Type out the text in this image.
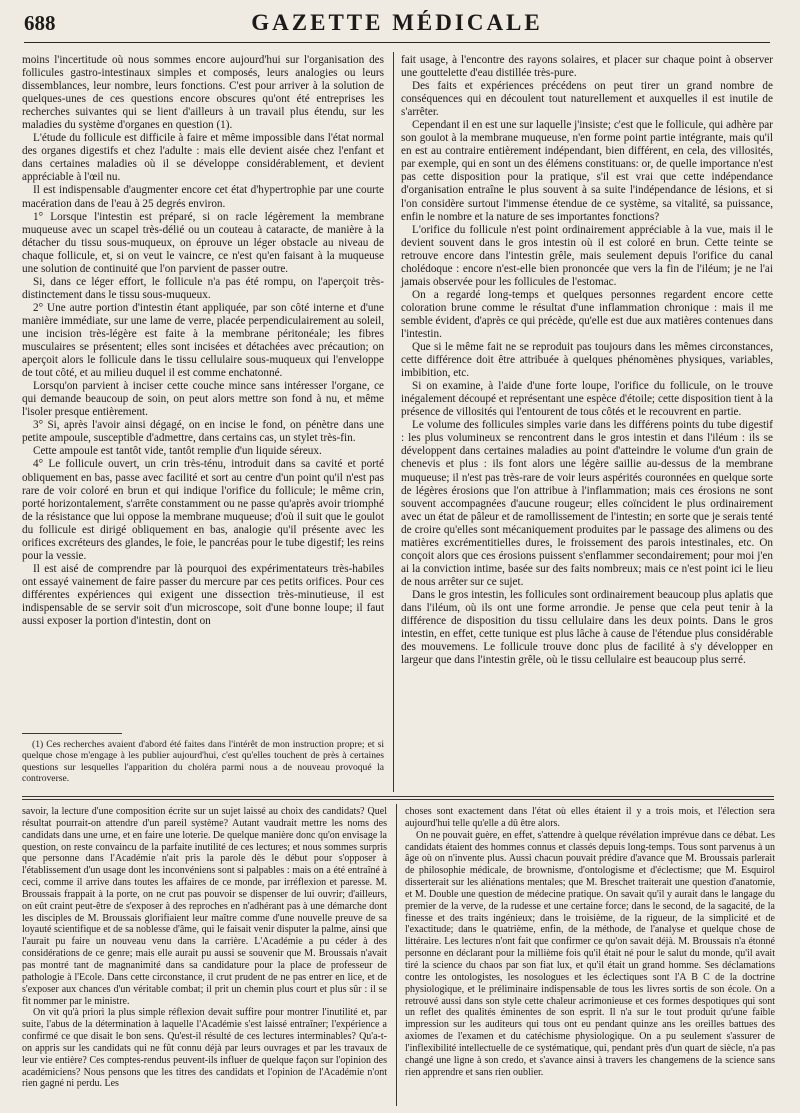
688	GAZETTE MÉDICALE

moins l'incertitude où nous sommes encore aujourd'hui sur l'organisation des follicules gastro-intestinaux simples et composés, leurs analogies ou leurs dissemblances, leur nombre, leurs fonctions. C'est pour arriver à la solution de quelques-unes de ces questions encore obscures qu'ont été entreprises les recherches suivantes qui se lient d'ailleurs à un travail plus étendu, sur les maladies du système d'organes en question (1).

L'étude du follicule est difficile à faire et même impossible dans l'état normal des organes digestifs et chez l'adulte : mais elle devient aisée chez l'enfant et dans certaines maladies où il se développe considérablement, et devient appréciable à l'œil nu.

Il est indispensable d'augmenter encore cet état d'hypertrophie par une courte macération dans de l'eau à 25 degrés environ.

1° Lorsque l'intestin est préparé, si on racle légèrement la membrane muqueuse avec un scapel très-délié ou un couteau à cataracte, de manière à la détacher du tissu sous-muqueux, on éprouve un léger obstacle au niveau de chaque follicule, et, si on veut le vaincre, ce n'est qu'en faisant à la muqueuse une solution de continuité que l'on parvient de passer outre.

Si, dans ce léger effort, le follicule n'a pas été rompu, on l'aperçoit très-distinctement dans le tissu sous-muqueux.

2° Une autre portion d'intestin étant appliquée, par son côté interne et d'une manière immédiate, sur une lame de verre, placée perpendiculairement au soleil, une incision très-légère est faite à la membrane péritonéale; les fibres musculaires se présentent; elles sont incisées et détachées avec précaution; on aperçoit alors le follicule dans le tissu cellulaire sous-muqueux qui l'enveloppe de tout côté, et au milieu duquel il est comme enchatonné.

Lorsqu'on parvient à inciser cette couche mince sans intéresser l'organe, ce qui demande beaucoup de soin, on peut alors mettre son fond à nu, et même l'isoler presque entièrement.

3° Si, après l'avoir ainsi dégagé, on en incise le fond, on pénètre dans une petite ampoule, susceptible d'admettre, dans certains cas, un stylet très-fin.

Cette ampoule est tantôt vide, tantôt remplie d'un liquide séreux.

4° Le follicule ouvert, un crin très-ténu, introduit dans sa cavité et porté obliquement en bas, passe avec facilité et sort au centre d'un point qu'il n'est pas rare de voir coloré en brun et qui indique l'orifice du follicule; le même crin, porté horizontalement, s'arrête constamment ou ne passe qu'après avoir triomphé de la résistance que lui oppose la membrane muqueuse; d'où il suit que le goulot du follicule est dirigé obliquement en bas, analogie qu'il présente avec les orifices excréteurs des glandes, le foie, le pancréas pour le tube digestif; les reins pour la vessie.

Il est aisé de comprendre par là pourquoi des expérimentateurs très-habiles ont essayé vainement de faire passer du mercure par ces petits orifices. Pour ces différentes expériences qui exigent une dissection très-minutieuse, il est indispensable de se servir soit d'un microscope, soit d'une bonne loupe; il faut aussi exposer la portion d'intestin, dont on

(1) Ces recherches avaient d'abord été faites dans l'intérêt de mon instruction propre; et si quelque chose m'engage à les publier aujourd'hui, c'est qu'elles touchent de près à certaines questions sur lesquelles l'apparition du choléra parmi nous a de nouveau provoqué la controverse.

fait usage, à l'encontre des rayons solaires, et placer sur chaque point à observer une gouttelette d'eau distillée très-pure.

Des faits et expériences précédens on peut tirer un grand nombre de conséquences qui en découlent tout naturellement et auxquelles il est inutile de s'arrêter.

Cependant il en est une sur laquelle j'insiste; c'est que le follicule, qui adhère par son goulot à la membrane muqueuse, n'en forme point partie intégrante, mais qu'il en est au contraire entièrement indépendant, bien différent, en cela, des villosités, par exemple, qui en sont un des élémens constituans: or, de quelle importance n'est pas cette disposition pour la pratique, s'il est vrai que cette indépendance d'organisation entraîne le plus souvent à sa suite l'indépendance de lésions, et si l'on considère surtout l'immense étendue de ce système, sa vitalité, sa puissance, enfin le nombre et la nature de ses importantes fonctions?

L'orifice du follicule n'est point ordinairement appréciable à la vue, mais il le devient souvent dans le gros intestin où il est coloré en brun. Cette teinte se retrouve encore dans l'intestin grêle, mais seulement depuis l'orifice du canal cholédoque : encore n'est-elle bien prononcée que vers la fin de l'iléum; je ne l'ai jamais observée pour les follicules de l'estomac.

On a regardé long-temps et quelques personnes regardent encore cette coloration brune comme le résultat d'une inflammation chronique : mais il me semble évident, d'après ce qui précède, qu'elle est due aux matières contenues dans l'intestin.

Que si le même fait ne se reproduit pas toujours dans les mêmes circonstances, cette différence doit être attribuée à quelques phénomènes physiques, variables, imbibition, etc.

Si on examine, à l'aide d'une forte loupe, l'orifice du follicule, on le trouve inégalement découpé et représentant une espèce d'étoile; cette disposition tient à la présence de villosités qui l'entourent de tous côtés et le recouvrent en partie.

Le volume des follicules simples varie dans les différens points du tube digestif : les plus volumineux se rencontrent dans le gros intestin et dans l'iléum : ils se développent dans certaines maladies au point d'atteindre le volume d'un grain de chenevis et plus : ils font alors une légère saillie au-dessus de la membrane muqueuse; il n'est pas très-rare de voir leurs aspérités couronnées en quelque sorte de légères érosions que l'on attribue à l'inflammation; mais ces érosions ne sont souvent accompagnées d'aucune rougeur; elles coïncident le plus ordinairement avec un état de pâleur et de ramollissement de l'intestin; en sorte que je serais tenté de croire qu'elles sont mécaniquement produites par le passage des alimens ou des matières excrémentitielles dures, le froissement des parois intestinales, etc. On conçoit alors que ces érosions puissent s'enflammer secondairement; pour moi j'en ai la conviction intime, basée sur des faits nombreux; mais ce n'est point ici le lieu de nous arrêter sur ce sujet.

Dans le gros intestin, les follicules sont ordinairement beaucoup plus aplatis que dans l'iléum, où ils ont une forme arrondie. Je pense que cela peut tenir à la différence de disposition du tissu cellulaire dans les deux points. Dans le gros intestin, en effet, cette tunique est plus lâche à cause de l'étendue plus considérable des mouvemens. Le follicule trouve donc plus de facilité à s'y développer en largeur que dans l'intestin grêle, où le tissu cellulaire est beaucoup plus serré.

savoir, la lecture d'une composition écrite sur un sujet laissé au choix des candidats? Quel résultat pourrait-on attendre d'un pareil système? Autant vaudrait mettre les noms des candidats dans une urne, et en faire une loterie. De quelque manière donc qu'on envisage la question, on reste convaincu de la parfaite inutilité de ces lectures; et nous sommes surpris que personne dans l'Académie n'ait pris la parole dès le début pour s'opposer à l'établissement d'un usage dont les inconvéniens sont si palpables : mais on a été entraîné à ceci, comme il arrive dans toutes les affaires de ce monde, par irréflexion et paresse. M. Broussais frappait à la porte, on ne crut pas pouvoir se dispenser de lui ouvrir; d'ailleurs, on eût craint peut-être de s'exposer à des reproches en n'adhérant pas à une démarche dont les disciples de M. Broussais glorifiaient leur maître comme d'une nouvelle preuve de sa loyauté scientifique et de sa noblesse d'âme, qui le faisait venir disputer la palme, ainsi que l'aurait pu faire un nouveau venu dans la carrière. L'Académie a pu céder à des considérations de ce genre; mais elle aurait pu aussi se souvenir que M. Broussais n'avait pas montré tant de magnanimité dans sa candidature pour la place de professeur de pathologie à l'Ecole. Dans cette circonstance, il crut prudent de ne pas entrer en lice, et de s'exposer aux chances d'un véritable combat; il prit un chemin plus court et plus sûr : il se fit nommer par le ministre.

On vit qu'à priori la plus simple réflexion devait suffire pour montrer l'inutilité et, par suite, l'abus de la détermination à laquelle l'Académie s'est laissé entraîner; l'expérience a confirmé ce que disait le bon sens. Qu'est-il résulté de ces lectures interminables? Qu'a-t-on appris sur les candidats qui ne fût connu déjà par leurs ouvrages et par les travaux de leur vie entière? Ces comptes-rendus peuvent-ils influer de quelque façon sur l'opinion des académiciens? Nous pensons que les titres des candidats et l'opinion de l'Académie n'ont rien gagné ni perdu. Les

choses sont exactement dans l'état où elles étaient il y a trois mois, et l'élection sera aujourd'hui telle qu'elle a dû être alors.

On ne pouvait guère, en effet, s'attendre à quelque révélation imprévue dans ce débat. Les candidats étaient des hommes connus et classés depuis long-temps. Tous sont parvenus à un âge où on n'invente plus. Aussi chacun pouvait prédire d'avance que M. Broussais parlerait de philosophie médicale, de brownisme, d'ontologisme et d'éclectisme; que M. Esquirol disserterait sur les aliénations mentales; que M. Breschet traiterait une question d'anatomie, et M. Double une question de médecine pratique. On savait qu'il y aurait dans le langage du premier de la verve, de la rudesse et une certaine force; dans le second, de la sagacité, de la finesse et des traits ingénieux; dans le troisième, de la rigueur, de la simplicité et de l'exactitude; dans le quatrième, enfin, de la méthode, de l'analyse et quelque chose de littéraire. Les lectures n'ont fait que confirmer ce qu'on savait déjà. M. Broussais n'a étonné personne en déclarant pour la millième fois qu'il était né pour le salut du monde, qu'il avait tiré la science du chaos par son fiat lux, et qu'il était un grand homme. Ses déclamations contre les ontologistes, les nosologues et les éclectiques sont l'A B C de la doctrine physiologique, et le préliminaire indispensable de tous les livres sortis de son école. On a retrouvé aussi dans son style cette chaleur acrimonieuse et ces formes despotiques qui sont un reflet des qualités éminentes de son esprit. Il n'a sur le tout produit qu'une faible impression sur les auditeurs qui tous ont eu pendant quinze ans les oreilles battues des axiomes de l'examen et du catéchisme physiologique. On a pu seulement s'assurer de l'inflexibilité intellectuelle de ce systématique, qui, pendant près d'un quart de siècle, n'a pas changé une ligne à son credo, et s'avance ainsi à travers les changemens de la science sans rien apprendre et sans rien oublier.
